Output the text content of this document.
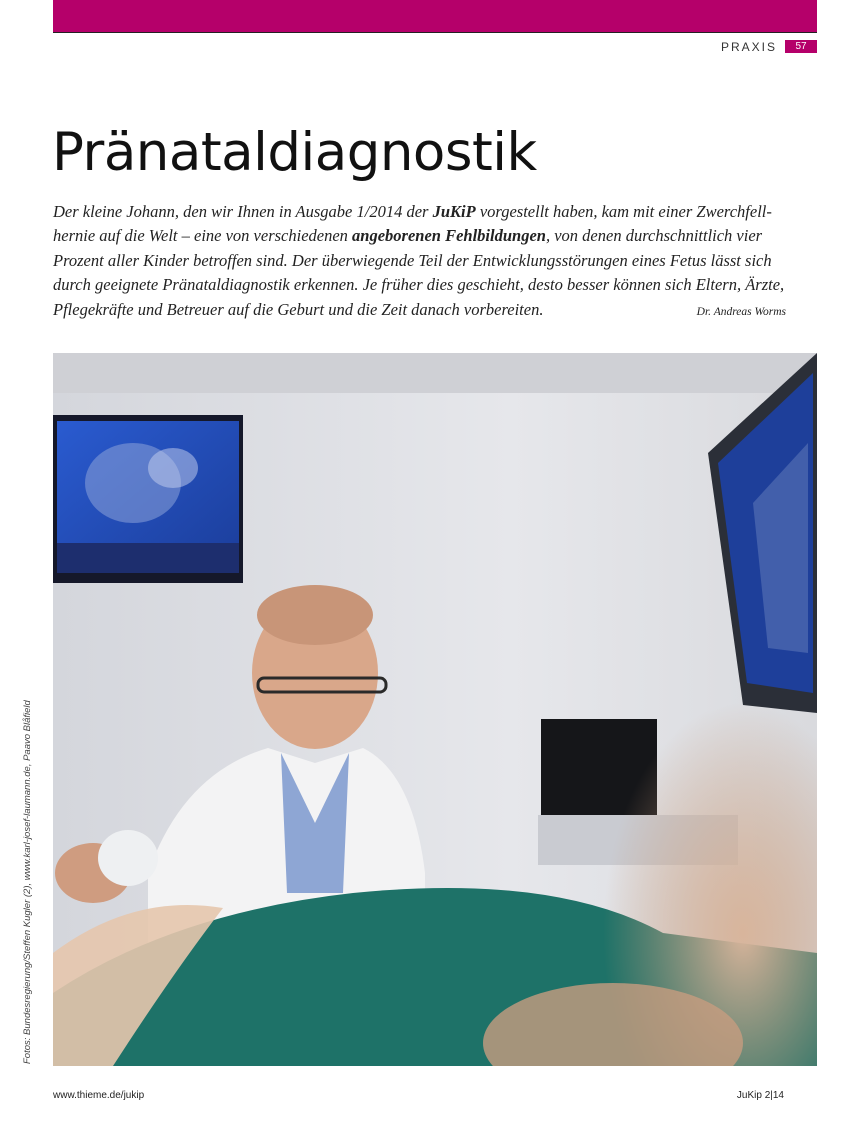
PRAXIS	57
Pränataldiagnostik

Der kleine Johann, den wir Ihnen in Ausgabe 1/2014 der JuKiP vorgestellt haben, kam mit einer Zwerchfell-hernie auf die Welt – eine von verschiedenen angeborenen Fehlbildungen, von denen durchschnittlich vier Prozent aller Kinder betroffen sind. Der überwiegende Teil der Entwicklungsstörungen eines Fetus lässt sich durch geeignete Pränataldiagnostik erkennen. Je früher dies geschieht, desto besser können sich Eltern, Ärzte, Pflegekräfte und Betreuer auf die Geburt und die Zeit danach vorbereiten.	Dr. Andreas Worms

Fotos: Bundesregierung/Steffen Kugler (2), www.karl-josef-laumann.de, Paavo Blåfield
www.thieme.de/jukip	JuKip 2|14
